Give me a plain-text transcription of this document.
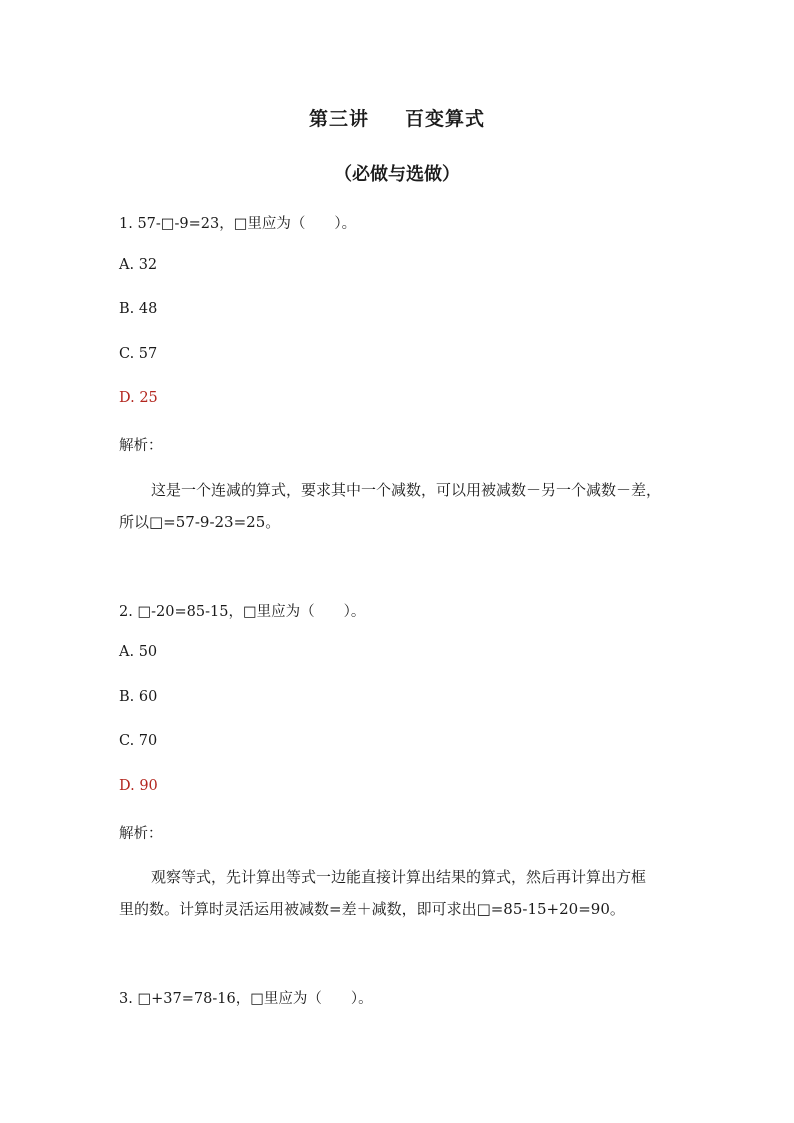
第三讲 百变算式
（必做与选做）
1. 57-□-9=23，□里应为（　　）。
A. 32
B. 48
C. 57
D. 25
解析：
这是一个连减的算式，要求其中一个减数，可以用被减数－另一个减数－差，
所以□=57-9-23=25。
2. □-20=85-15，□里应为（　　）。
A. 50
B. 60
C. 70
D. 90
解析：
观察等式，先计算出等式一边能直接计算出结果的算式，然后再计算出方框
里的数。计算时灵活运用被减数=差＋减数，即可求出□=85-15+20=90。
3. □+37=78-16，□里应为（　　）。
